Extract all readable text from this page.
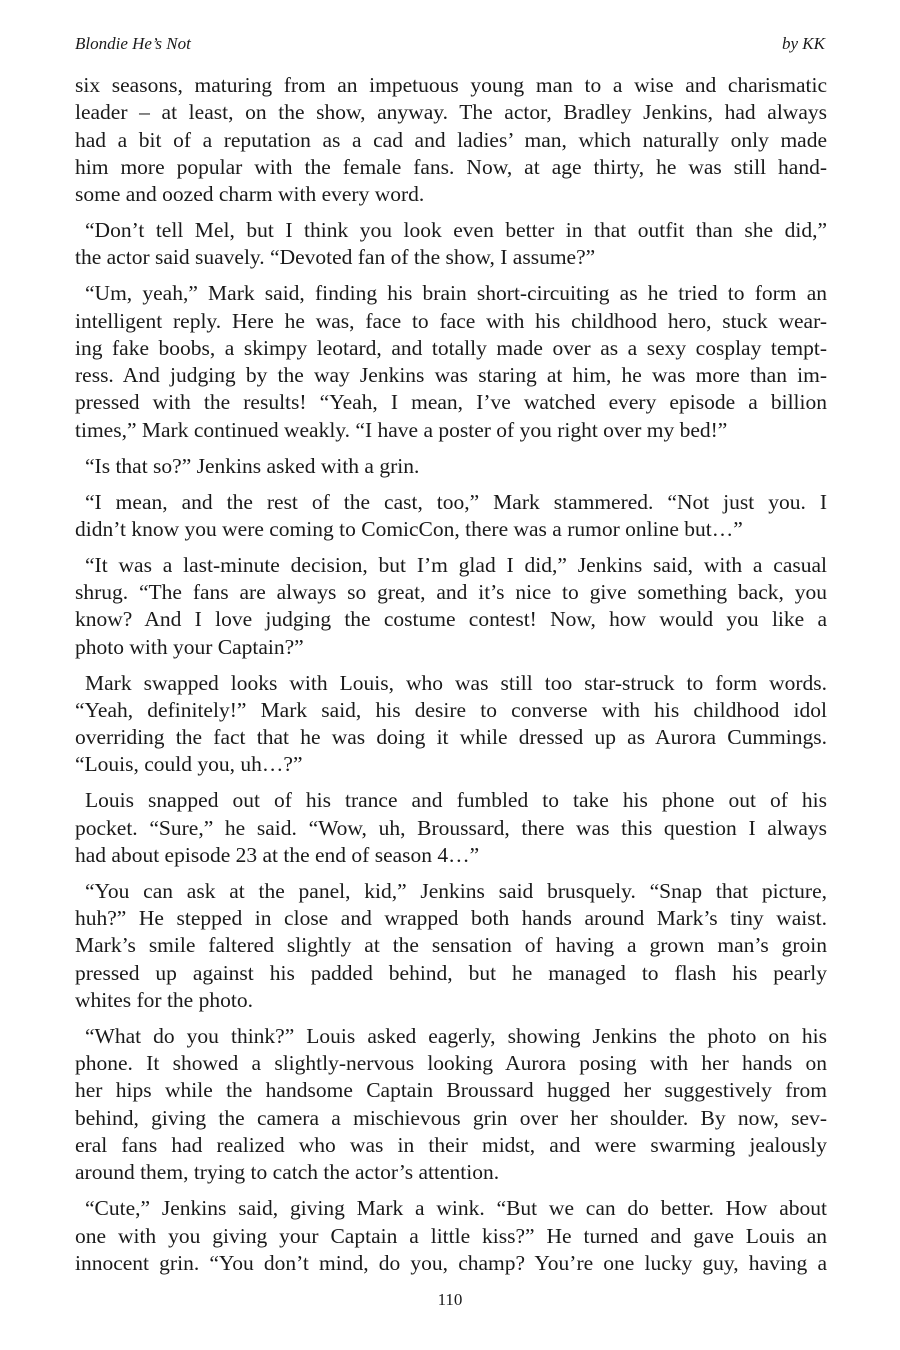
Blondie He’s Not	by KK
six seasons, maturing from an impetuous young man to a wise and charismatic
leader – at least, on the show, anyway. The actor, Bradley Jenkins, had always
had a bit of a reputation as a cad and ladies’ man, which naturally only made
him more popular with the female fans. Now, at age thirty, he was still hand-
some and oozed charm with every word.
“Don’t tell Mel, but I think you look even better in that outfit than she did,”
the actor said suavely. “Devoted fan of the show, I assume?”
“Um, yeah,” Mark said, finding his brain short-circuiting as he tried to form an
intelligent reply. Here he was, face to face with his childhood hero, stuck wear-
ing fake boobs, a skimpy leotard, and totally made over as a sexy cosplay tempt-
ress. And judging by the way Jenkins was staring at him, he was more than im-
pressed with the results! “Yeah, I mean, I’ve watched every episode a billion
times,” Mark continued weakly. “I have a poster of you right over my bed!”
“Is that so?” Jenkins asked with a grin.
“I mean, and the rest of the cast, too,” Mark stammered. “Not just you. I
didn’t know you were coming to ComicCon, there was a rumor online but…”
“It was a last-minute decision, but I’m glad I did,” Jenkins said, with a casual
shrug. “The fans are always so great, and it’s nice to give something back, you
know? And I love judging the costume contest! Now, how would you like a
photo with your Captain?”
Mark swapped looks with Louis, who was still too star-struck to form words.
“Yeah, definitely!” Mark said, his desire to converse with his childhood idol
overriding the fact that he was doing it while dressed up as Aurora Cummings.
“Louis, could you, uh…?”
Louis snapped out of his trance and fumbled to take his phone out of his
pocket. “Sure,” he said. “Wow, uh, Broussard, there was this question I always
had about episode 23 at the end of season 4…”
“You can ask at the panel, kid,” Jenkins said brusquely. “Snap that picture,
huh?” He stepped in close and wrapped both hands around Mark’s tiny waist.
Mark’s smile faltered slightly at the sensation of having a grown man’s groin
pressed up against his padded behind, but he managed to flash his pearly
whites for the photo.
“What do you think?” Louis asked eagerly, showing Jenkins the photo on his
phone. It showed a slightly-nervous looking Aurora posing with her hands on
her hips while the handsome Captain Broussard hugged her suggestively from
behind, giving the camera a mischievous grin over her shoulder. By now, sev-
eral fans had realized who was in their midst, and were swarming jealously
around them, trying to catch the actor’s attention.
“Cute,” Jenkins said, giving Mark a wink. “But we can do better. How about
one with you giving your Captain a little kiss?” He turned and gave Louis an
innocent grin. “You don’t mind, do you, champ? You’re one lucky guy, having a
110
